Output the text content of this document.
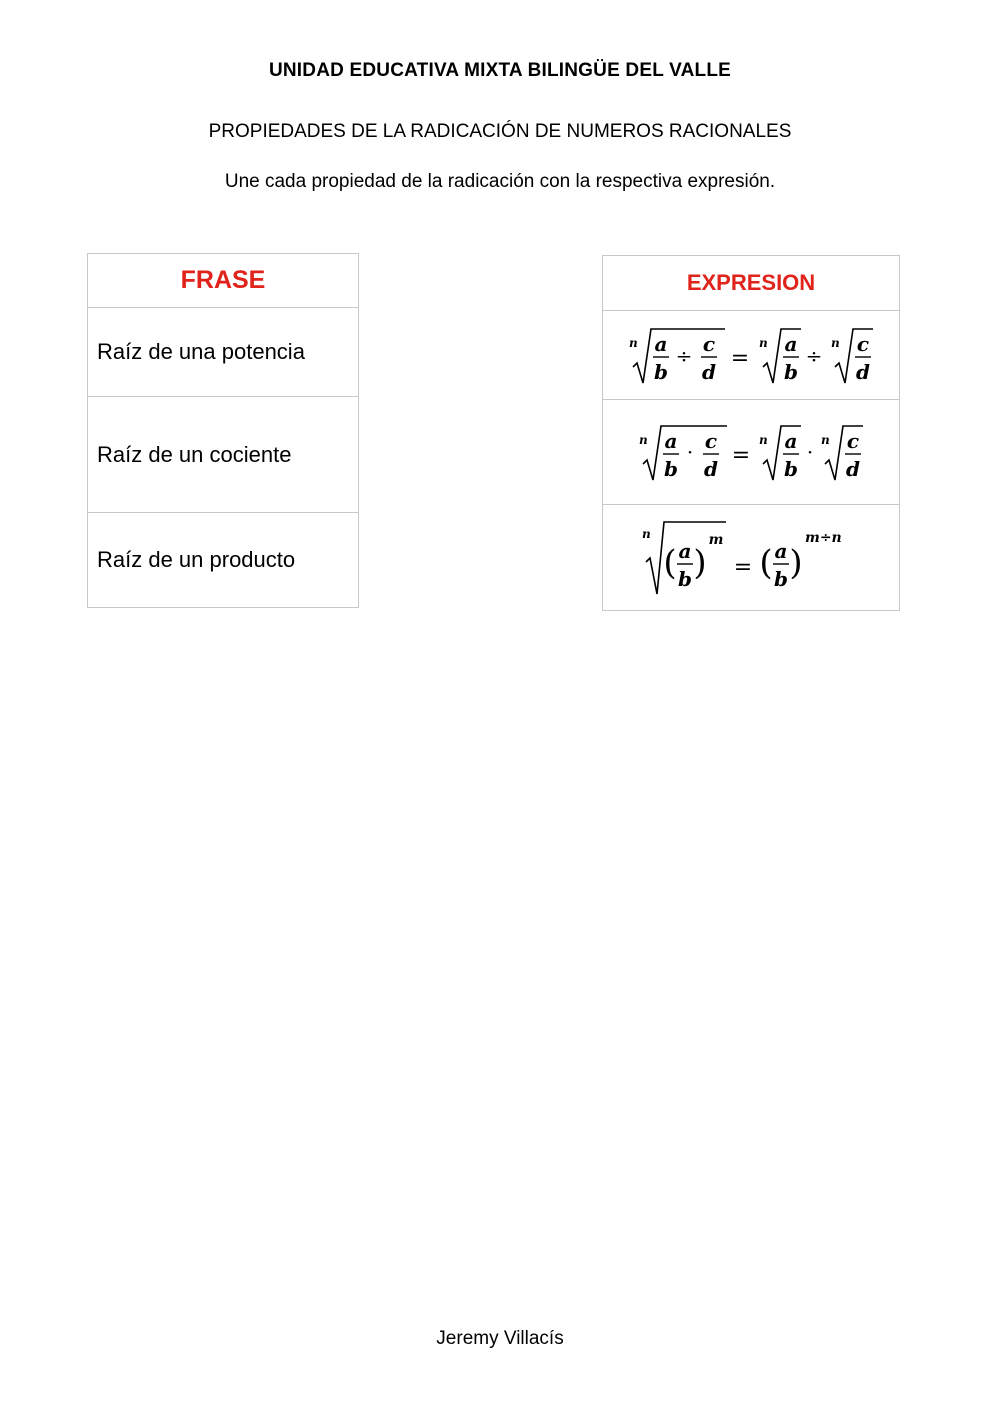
UNIDAD EDUCATIVA MIXTA BILINGÜE DEL VALLE
PROPIEDADES DE LA RADICACIÓN DE NUMEROS RACIONALES
Une cada propiedad de la radicación con la respectiva expresión.
FRASE
Raíz de una potencia
Raíz de un cociente
Raíz de un producto
EXPRESION

n a
b
÷ c
d
=
n a
b
÷
n c
d

n a
b
· c
d
=
n a
b
· n c
d

n
( a
b )
m
= ( a
b )
m÷n
Jeremy Villacís
